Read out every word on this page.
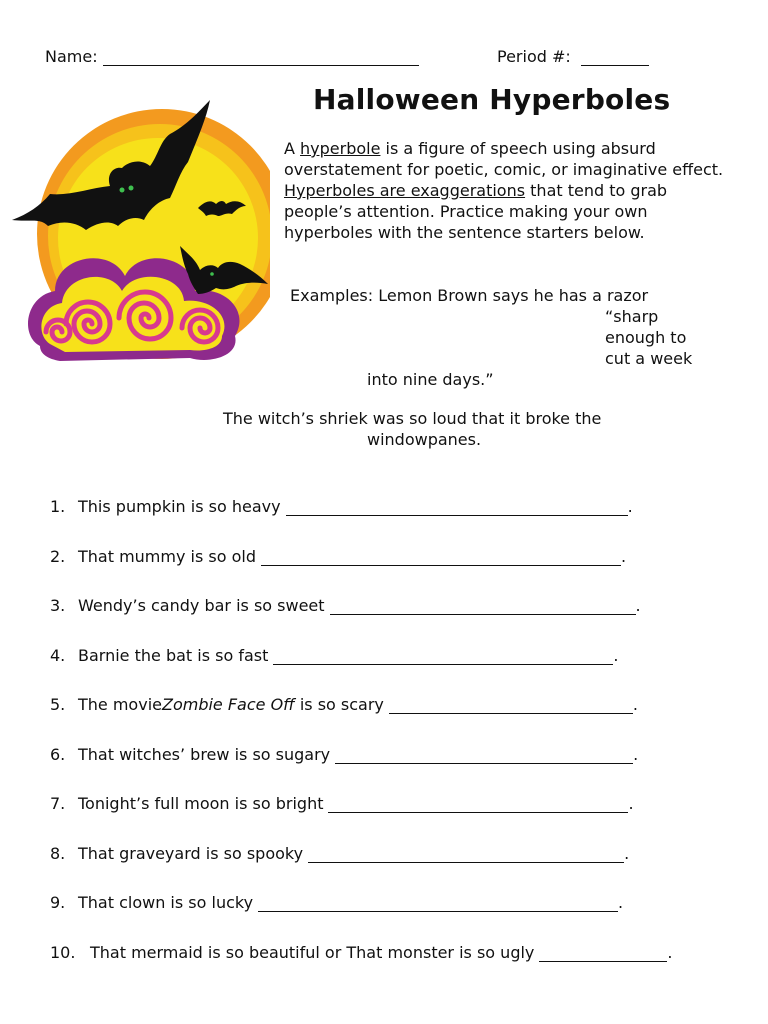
Name:	Period #:
Halloween Hyperboles

A hyperbole is a figure of speech using absurd overstatement for poetic, comic, or imaginative effect. Hyperboles are exaggerations that tend to grab people’s attention. Practice making your own hyperboles with the sentence starters below.

Examples: Lemon Brown says he has a razor
“sharp
enough to
cut a week
into nine days.”
The witch’s shriek was so loud that it broke the
windowpanes.
1. This pumpkin is so heavy	.
2. That mummy is so old	.
3. Wendy’s candy bar is so sweet	.
4. Barnie the bat is so fast	.
5. The movie Zombie Face Off is so scary	.
6. That witches’ brew is so sugary	.
7. Tonight’s full moon is so bright	.
8. That graveyard is so spooky	.
9. That clown is so lucky	.
10. That mermaid is so beautiful or That monster is so ugly	.
